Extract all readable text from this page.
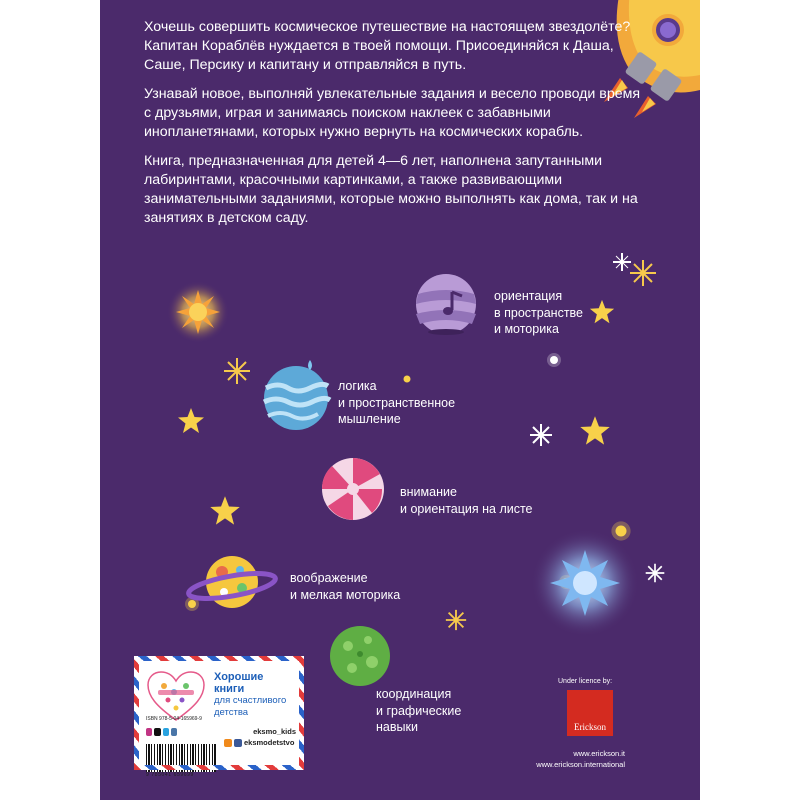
Хочешь совершить космическое путешествие на настоящем звездолёте? Капитан Кораблёв нуждается в твоей помощи. Присоединяйся к Даша, Саше, Персику и капитану и отправляйся в путь.

Узнавай новое, выполняй увлекательные задания и весело проводи время с друзьями, играя и занимаясь поиском наклеек с забавными инопланетянами, которых нужно вернуть на космических корабль.

Книга, предназначенная для детей 4—6 лет, наполнена запутанными лабиринтами, красочными картинками, а также развивающими занимательными заданиями, которые можно выполнять как дома, так и на занятиях в детском саду.

ориентация
в пространстве
и моторика
логика
и пространственное
мышление
внимание
и ориентация на листе
воображение
и мелкая моторика
координация
и графические
навыки
Хорошие
книги
для счастливого
детства
eksmo_kids
eksmodetstvo
ISBN 978-5-04-165969-9
9 785041 659699
Under licence by:
Erickson
www.erickson.it
www.erickson.international
